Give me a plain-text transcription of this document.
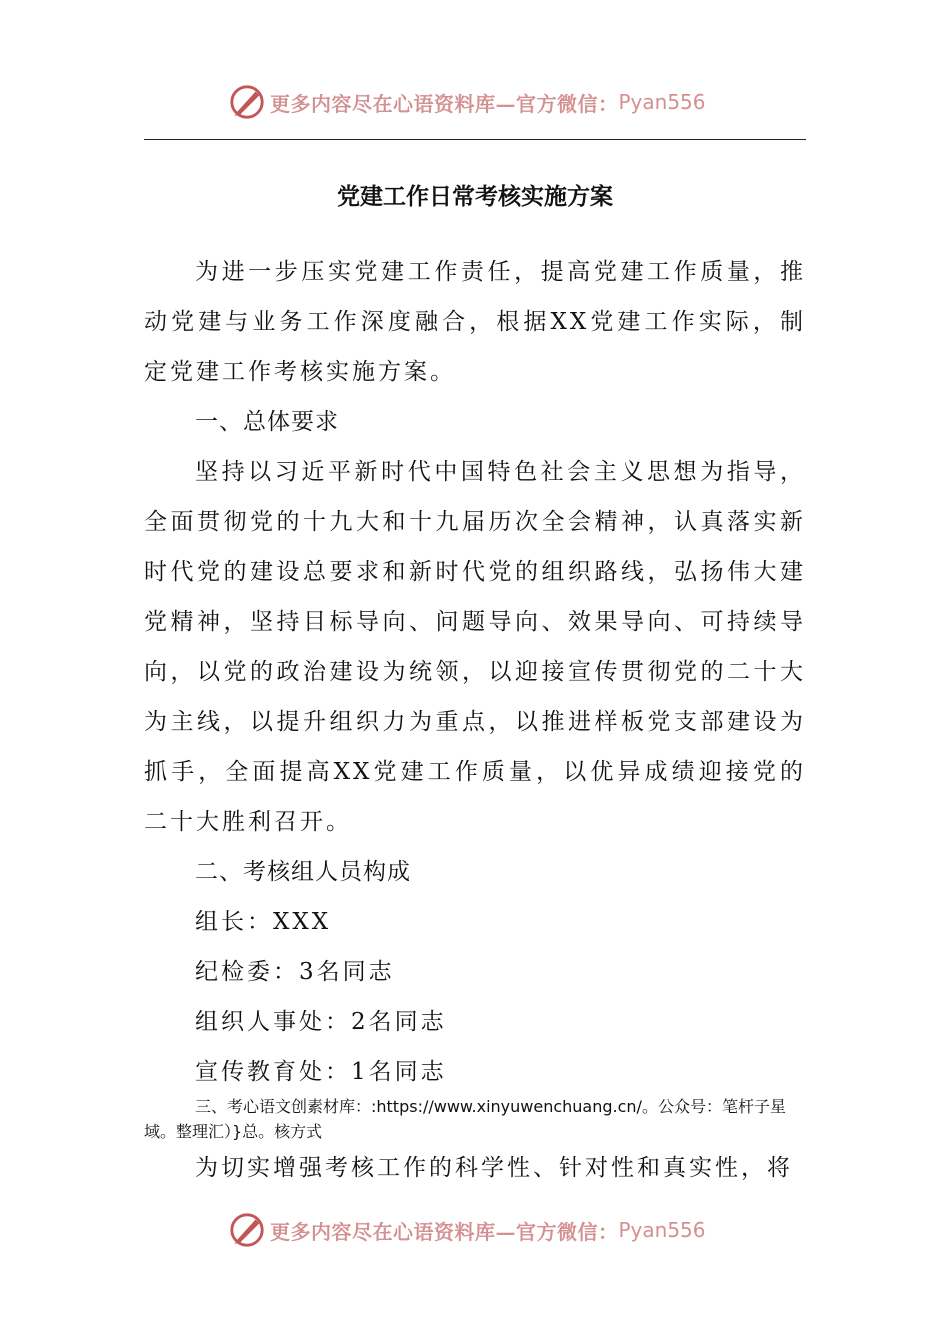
更多内容尽在心语资料库—官方微信： Pyan556
党建工作日常考核实施方案

为进一步压实党建工作责任，提高党建工作质量，推动党建与业务工作深度融合，根据XX党建工作实际，制定党建工作考核实施方案。

一、总体要求

坚持以习近平新时代中国特色社会主义思想为指导，全面贯彻党的十九大和十九届历次全会精神，认真落实新时代党的建设总要求和新时代党的组织路线，弘扬伟大建党精神，坚持目标导向、问题导向、效果导向、可持续导向，以党的政治建设为统领，以迎接宣传贯彻党的二十大为主线，以提升组织力为重点，以推进样板党支部建设为抓手，全面提高XX党建工作质量，以优异成绩迎接党的二十大胜利召开。

二、考核组人员构成

组长：XXX

纪检委：3名同志

组织人事处：2名同志

宣传教育处：1名同志

三、考心语文创素材库：:https://www.xinyuwenchuang.cn/。公众号：笔杆子星域。整理汇）}总。核方式

为切实增强考核工作的科学性、针对性和真实性，将

更多内容尽在心语资料库—官方微信： Pyan556
